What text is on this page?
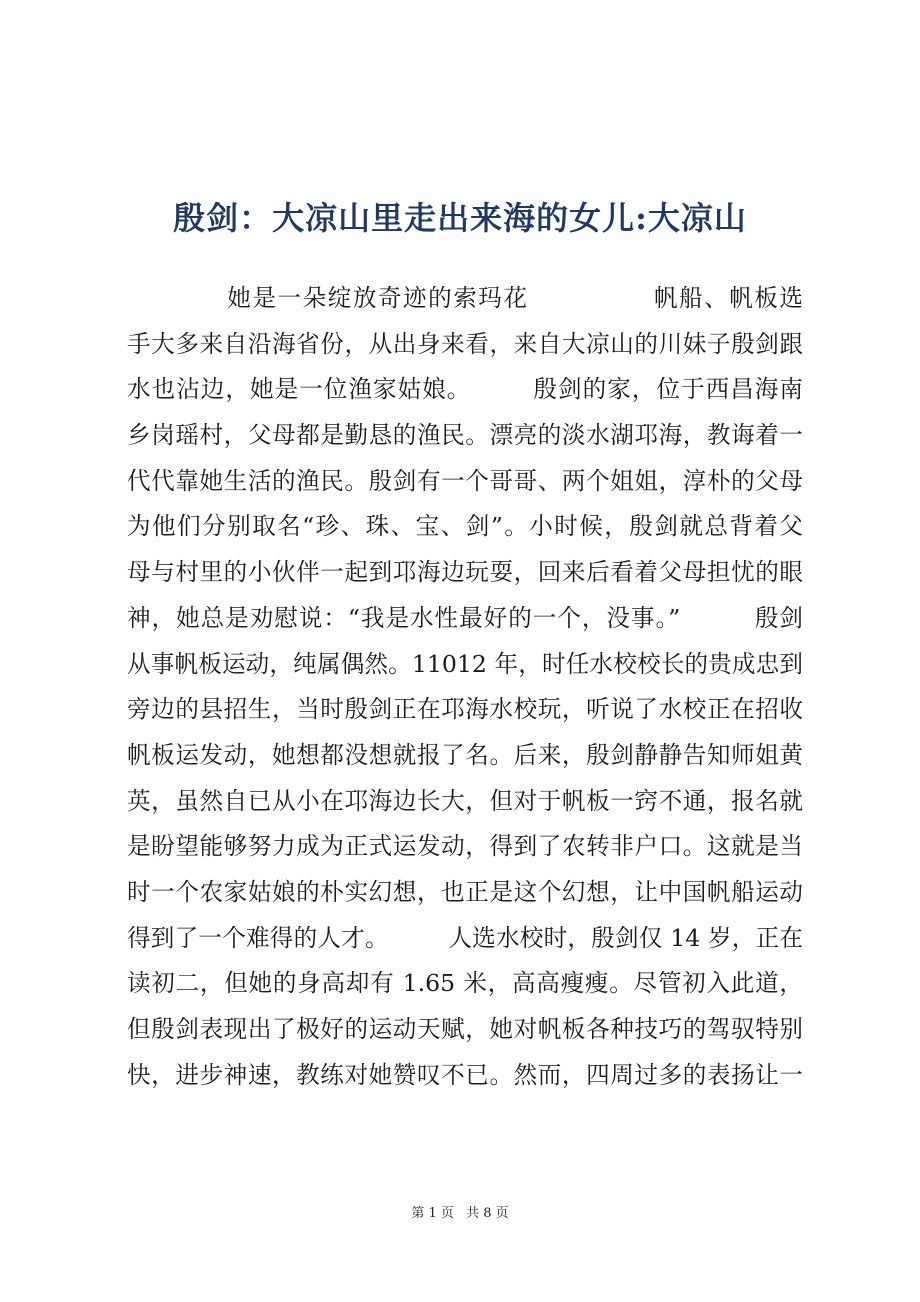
殷剑：大凉山里走出来海的女儿:大凉山
　　　　她是一朵绽放奇迹的索玛花　　　　　帆船、帆板选
手大多来自沿海省份，从出身来看，来自大凉山的川妹子殷剑跟
水也沾边，她是一位渔家姑娘。　　　殷剑的家，位于西昌海南
乡岗瑶村，父母都是勤恳的渔民。漂亮的淡水湖邛海，教诲着一
代代靠她生活的渔民。殷剑有一个哥哥、两个姐姐，淳朴的父母
为他们分别取名“珍、珠、宝、剑”。小时候，殷剑就总背着父
母与村里的小伙伴一起到邛海边玩耍，回来后看着父母担忧的眼
神，她总是劝慰说：“我是水性最好的一个，没事。”　　　殷剑
从事帆板运动，纯属偶然。11012 年，时任水校校长的贵成忠到
旁边的县招生，当时殷剑正在邛海水校玩，听说了水校正在招收
帆板运发动，她想都没想就报了名。后来，殷剑静静告知师姐黄
英，虽然自已从小在邛海边长大，但对于帆板一窍不通，报名就
是盼望能够努力成为正式运发动，得到了农转非户口。这就是当
时一个农家姑娘的朴实幻想，也正是这个幻想，让中国帆船运动
得到了一个难得的人才。　　　人选水校时，殷剑仅 14 岁，正在
读初二，但她的身高却有 1.65 米，高高瘦瘦。尽管初入此道，
但殷剑表现出了极好的运动天赋，她对帆板各种技巧的驾驭特别
快，进步神速，教练对她赞叹不已。然而，四周过多的表扬让一
第 1 页 共 8 页
